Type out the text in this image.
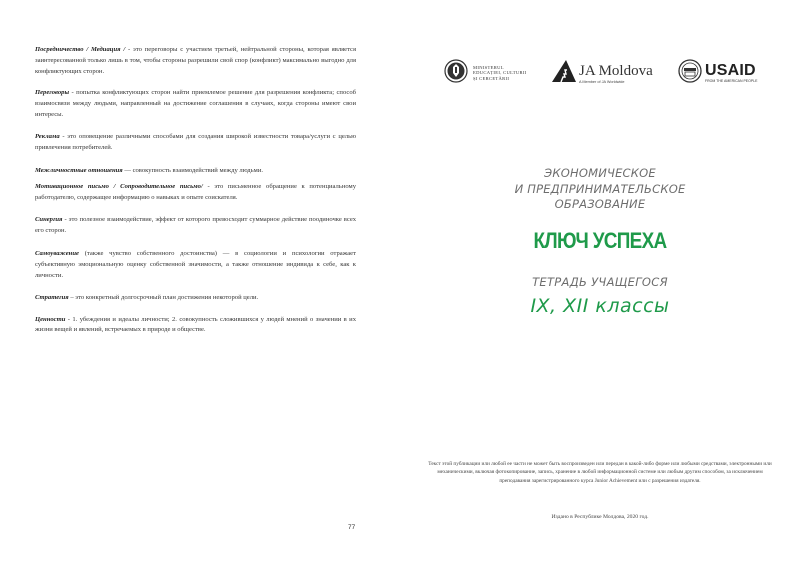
Посредничество / Медиация / - это переговоры с участием третьей, нейтральной стороны, которая является заинтересованной только лишь в том, чтобы стороны разрешили свой спор (конфликт) максимально выгодно для конфликтующих сторон.

Переговоры - попытка конфликтующих сторон найти приемлемое решение для разрешения конфликта; способ взаимосвязи между людьми, направленный на достижение соглашения в случаях, когда стороны имеют свои интересы.

Реклама - это оповещение различными способами для создания широкой известности товара/услуги с целью привлечения потребителей.

Межличностные отношения — совокупность взаимодействий между людьми.

Мотивационное письмо / Сопроводительное письмо/ - это письменное обращение к потенциальному работодателю, содержащее информацию о навыках и опыте соискателя.

Синергия - это полезное взаимодействие, эффект от которого превосходит суммарное действие поодиночке всех его сторон.

Самоуважение (также чувство собственного достоинства) — в социологии и психологии отражает субъективную эмоциональную оценку собственной значимости, а также отношение индивида к себе, как к личности.

Стратегия – это конкретный долгосрочный план достижения некоторой цели.

Ценности - 1. убеждения и идеалы личности; 2. совокупность сложившихся у людей мнений о значении в их жизни вещей и явлений, встречаемых в природе и обществе.

77
MINISTERUL
EDUCAȚIEI, CULTURII
ȘI CERCETĂRII	JA Moldova
A Member of JA Worldwide
USAID
FROM THE AMERICAN PEOPLE
ЭКОНОМИЧЕСКОЕ
И ПРЕДПРИНИМАТЕЛЬСКОЕ
ОБРАЗОВАНИЕ
КЛЮЧ УСПЕХА
ТЕТРАДЬ УЧАЩЕГОСЯ
IX, XII классы
Текст этой публикации или любой ее части не может быть воспроизведен или передан в какой-либо форме или любыми средствами, электронными или механическими, включая фотокопирование, запись, хранение в любой информационной системе или любым другим способом, за исключением преподавания зарегистрированного курса Junior Achievement или с разрешения издателя.
Издано в Республике Молдова, 2020 год.
